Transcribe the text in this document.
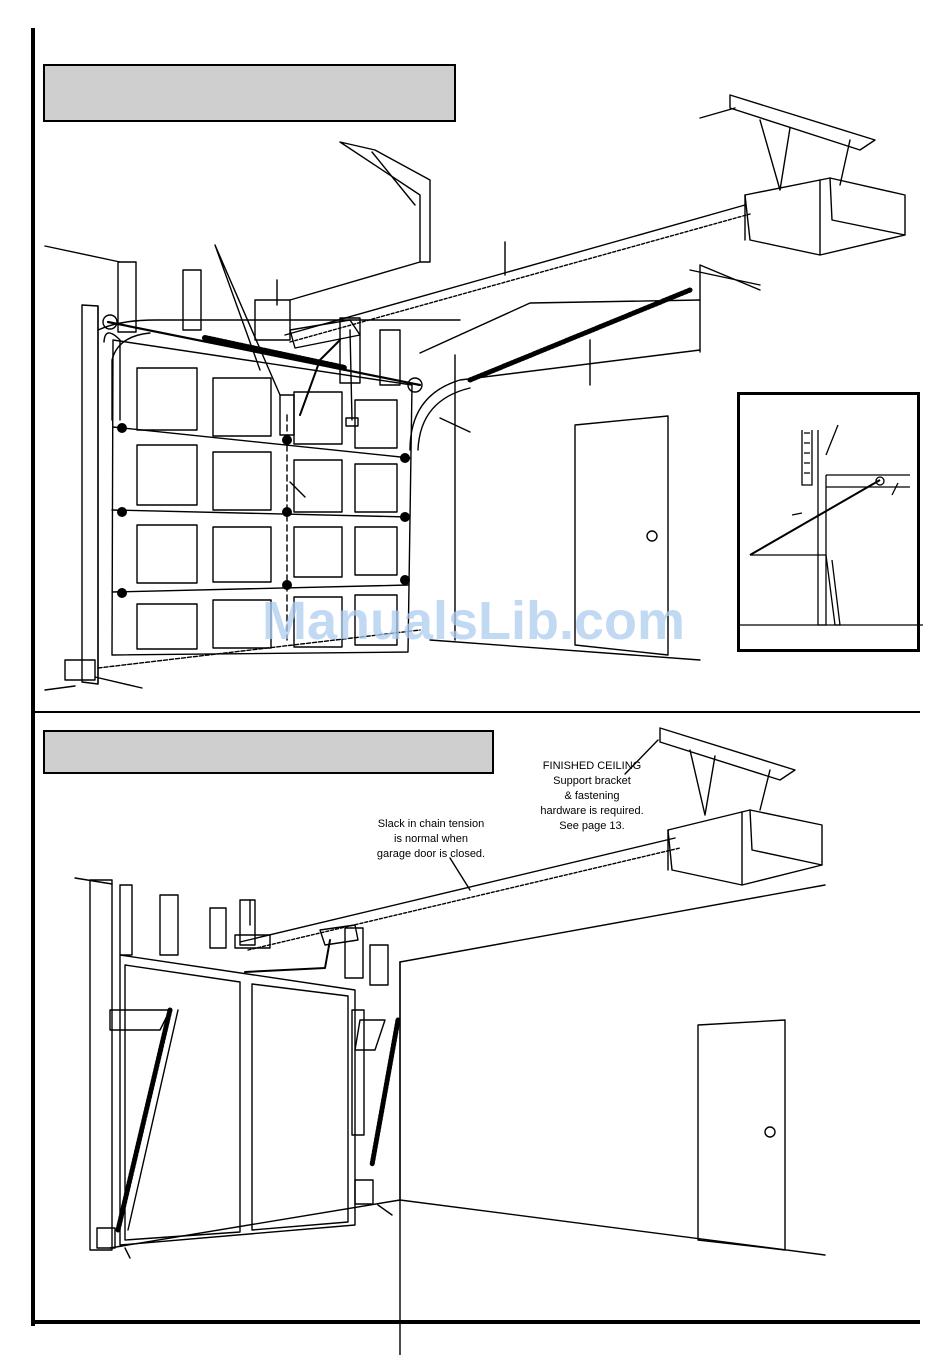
FINISHED CEILING
Support bracket
& fastening
hardware is required.
See page 13.
Slack in chain tension
is normal when
garage door is closed.
ManualsLib.com
